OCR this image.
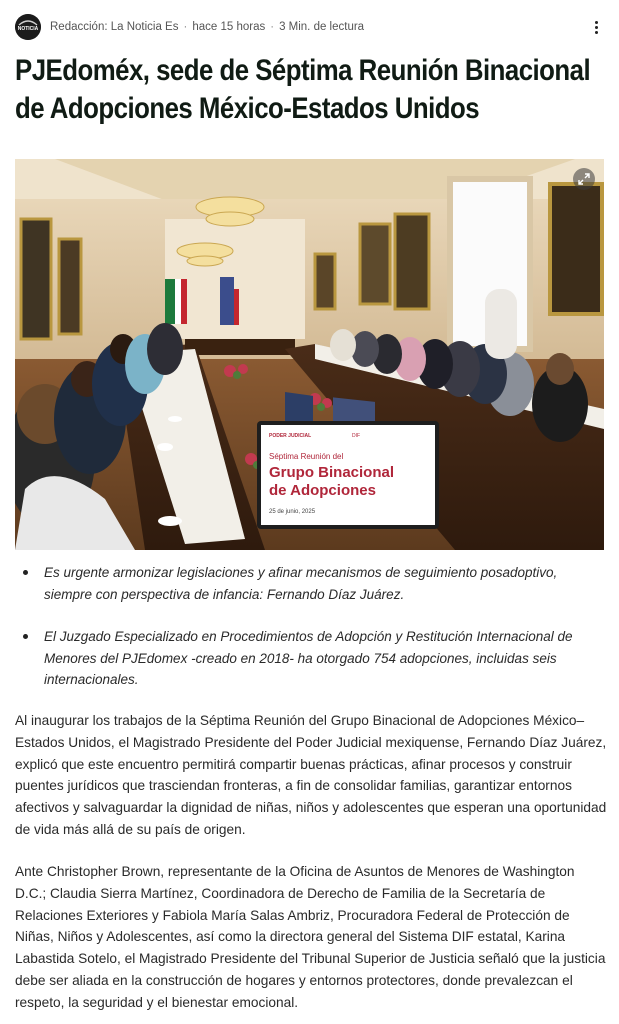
NOTICIA Redacción: La Noticia Es · hace 15 horas · 3 Min. de lectura
PJEdoméx, sede de Séptima Reunión Binacional de Adopciones México-Estados Unidos
PODER JUDICIAL	DIF
Séptima Reunión del
Grupo Binacional
de Adopciones
25 de junio, 2025
Es urgente armonizar legislaciones y afinar mecanismos de seguimiento posadoptivo, siempre con perspectiva de infancia: Fernando Díaz Juárez.
El Juzgado Especializado en Procedimientos de Adopción y Restitución Internacional de Menores del PJEdomex -creado en 2018- ha otorgado 754 adopciones, incluidas seis internacionales.

Al inaugurar los trabajos de la Séptima Reunión del Grupo Binacional de Adopciones México–Estados Unidos, el Magistrado Presidente del Poder Judicial mexiquense, Fernando Díaz Juárez, explicó que este encuentro permitirá compartir buenas prácticas, afinar procesos y construir puentes jurídicos que trasciendan fronteras, a fin de consolidar familias, garantizar entornos afectivos y salvaguardar la dignidad de niñas, niños y adolescentes que esperan una oportunidad de vida más allá de su país de origen.

Ante Christopher Brown, representante de la Oficina de Asuntos de Menores de Washington D.C.; Claudia Sierra Martínez, Coordinadora de Derecho de Familia de la Secretaría de Relaciones Exteriores y Fabiola María Salas Ambriz, Procuradora Federal de Protección de Niñas, Niños y Adolescentes, así como la directora general del Sistema DIF estatal, Karina Labastida Sotelo, el Magistrado Presidente del Tribunal Superior de Justicia señaló que la justicia debe ser aliada en la construcción de hogares y entornos protectores, donde prevalezcan el respeto, la seguridad y el bienestar emocional.
